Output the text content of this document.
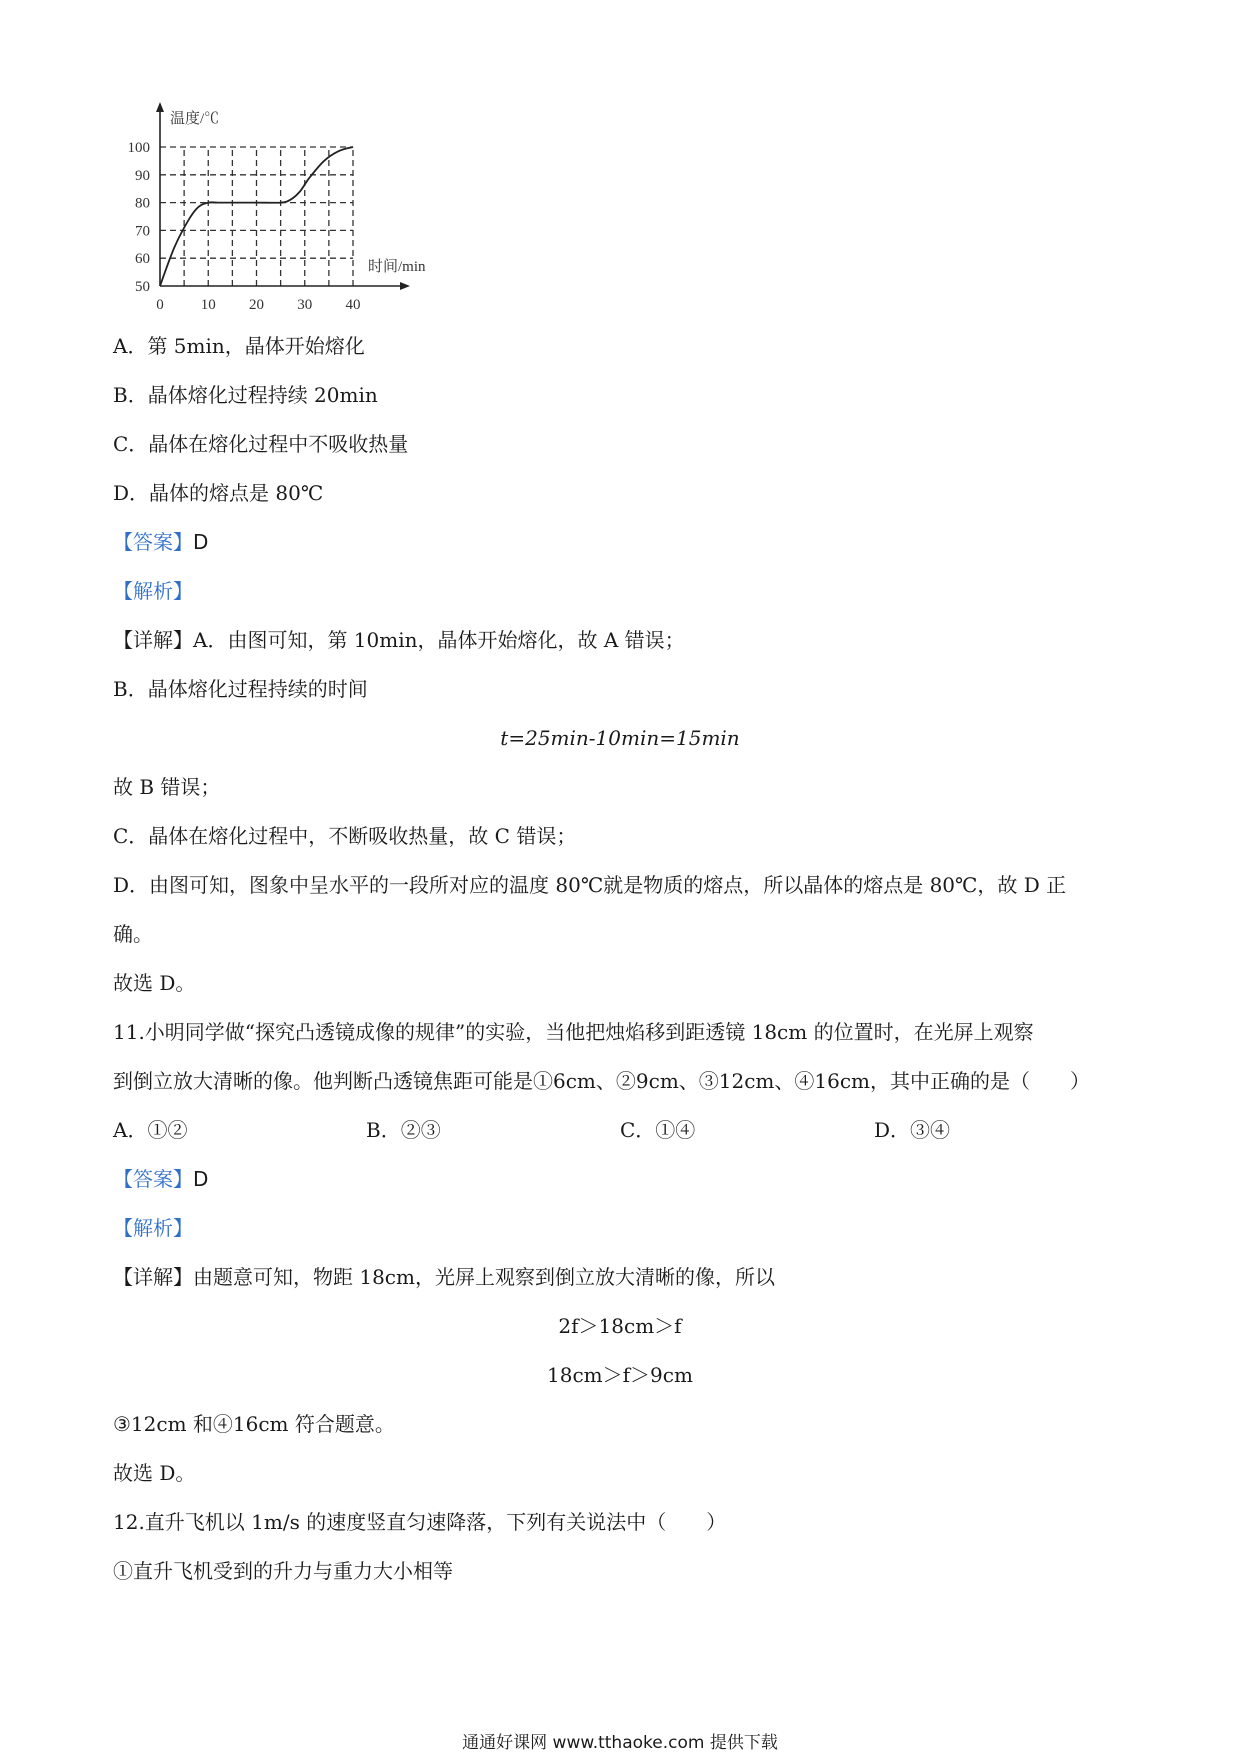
0 10 20 30 40
50
60
70
80
90
100
温度/℃
时间/min
A．第 5min，晶体开始熔化
B．晶体熔化过程持续 20min
C．晶体在熔化过程中不吸收热量
D．晶体的熔点是 80℃
【答案】D
【解析】
【详解】A．由图可知，第 10min，晶体开始熔化，故 A 错误；
B．晶体熔化过程持续的时间
t=25min-10min=15min
故 B 错误；
C．晶体在熔化过程中，不断吸收热量，故 C 错误；
D．由图可知，图象中呈水平的一段所对应的温度 80℃就是物质的熔点，所以晶体的熔点是 80℃，故 D 正
确。
故选 D。
11.小明同学做“探究凸透镜成像的规律”的实验，当他把烛焰移到距透镜 18cm 的位置时，在光屏上观察
到倒立放大清晰的像。他判断凸透镜焦距可能是①6cm、②9cm、③12cm、④16cm，其中正确的是（　　）
A．①②	B．②③	C．①④	D．③④
【答案】D
【解析】
【详解】由题意可知，物距 18cm，光屏上观察到倒立放大清晰的像，所以
2f＞18cm＞f
18cm＞f＞9cm
③12cm 和④16cm 符合题意。
故选 D。
12.直升飞机以 1m/s 的速度竖直匀速降落，下列有关说法中（　　）
①直升飞机受到的升力与重力大小相等
通通好课网 www.tthaoke.com 提供下载
